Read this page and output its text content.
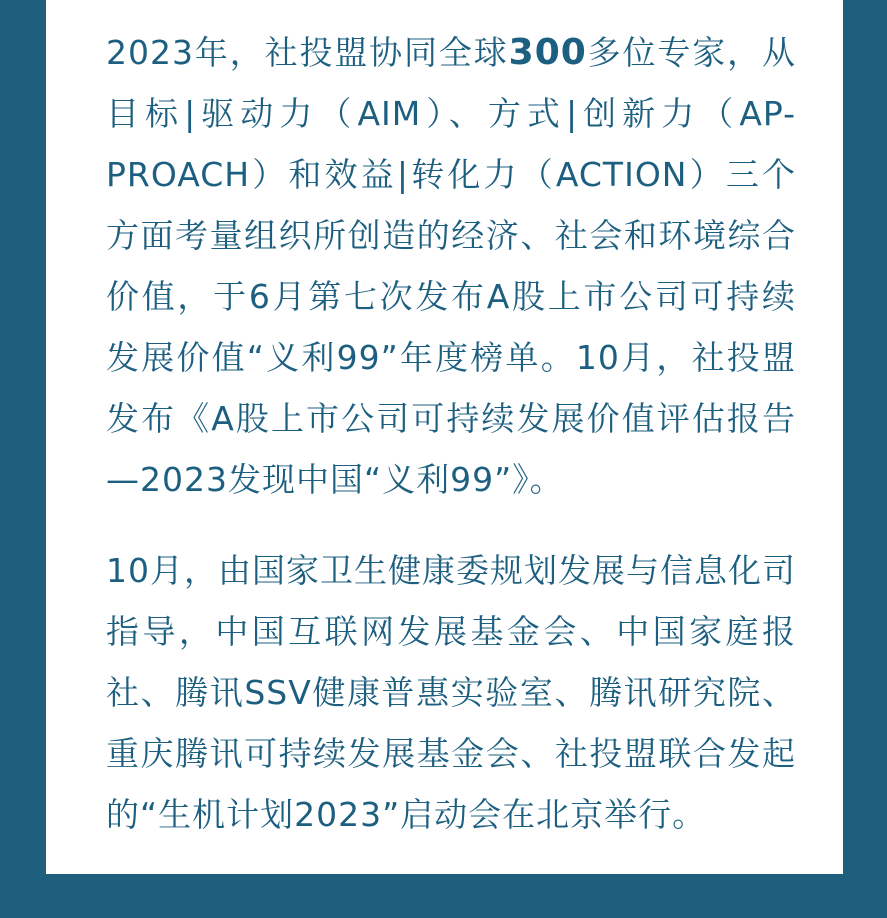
2023年，社投盟协同全球300多位专家，从目标|驱动力（AIM）、方式|创新力（AP-PROACH）和效益|转化力（ACTION）三个方面考量组织所创造的经济、社会和环境综合价值，于6月第七次发布A股上市公司可持续发展价值“义利99”年度榜单。10月，社投盟发布《A股上市公司可持续发展价值评估报告—2023发现中国“义利99”》。

10月，由国家卫生健康委规划发展与信息化司指导，中国互联网发展基金会、中国家庭报社、腾讯SSV健康普惠实验室、腾讯研究院、重庆腾讯可持续发展基金会、社投盟联合发起的“生机计划2023”启动会在北京举行。
